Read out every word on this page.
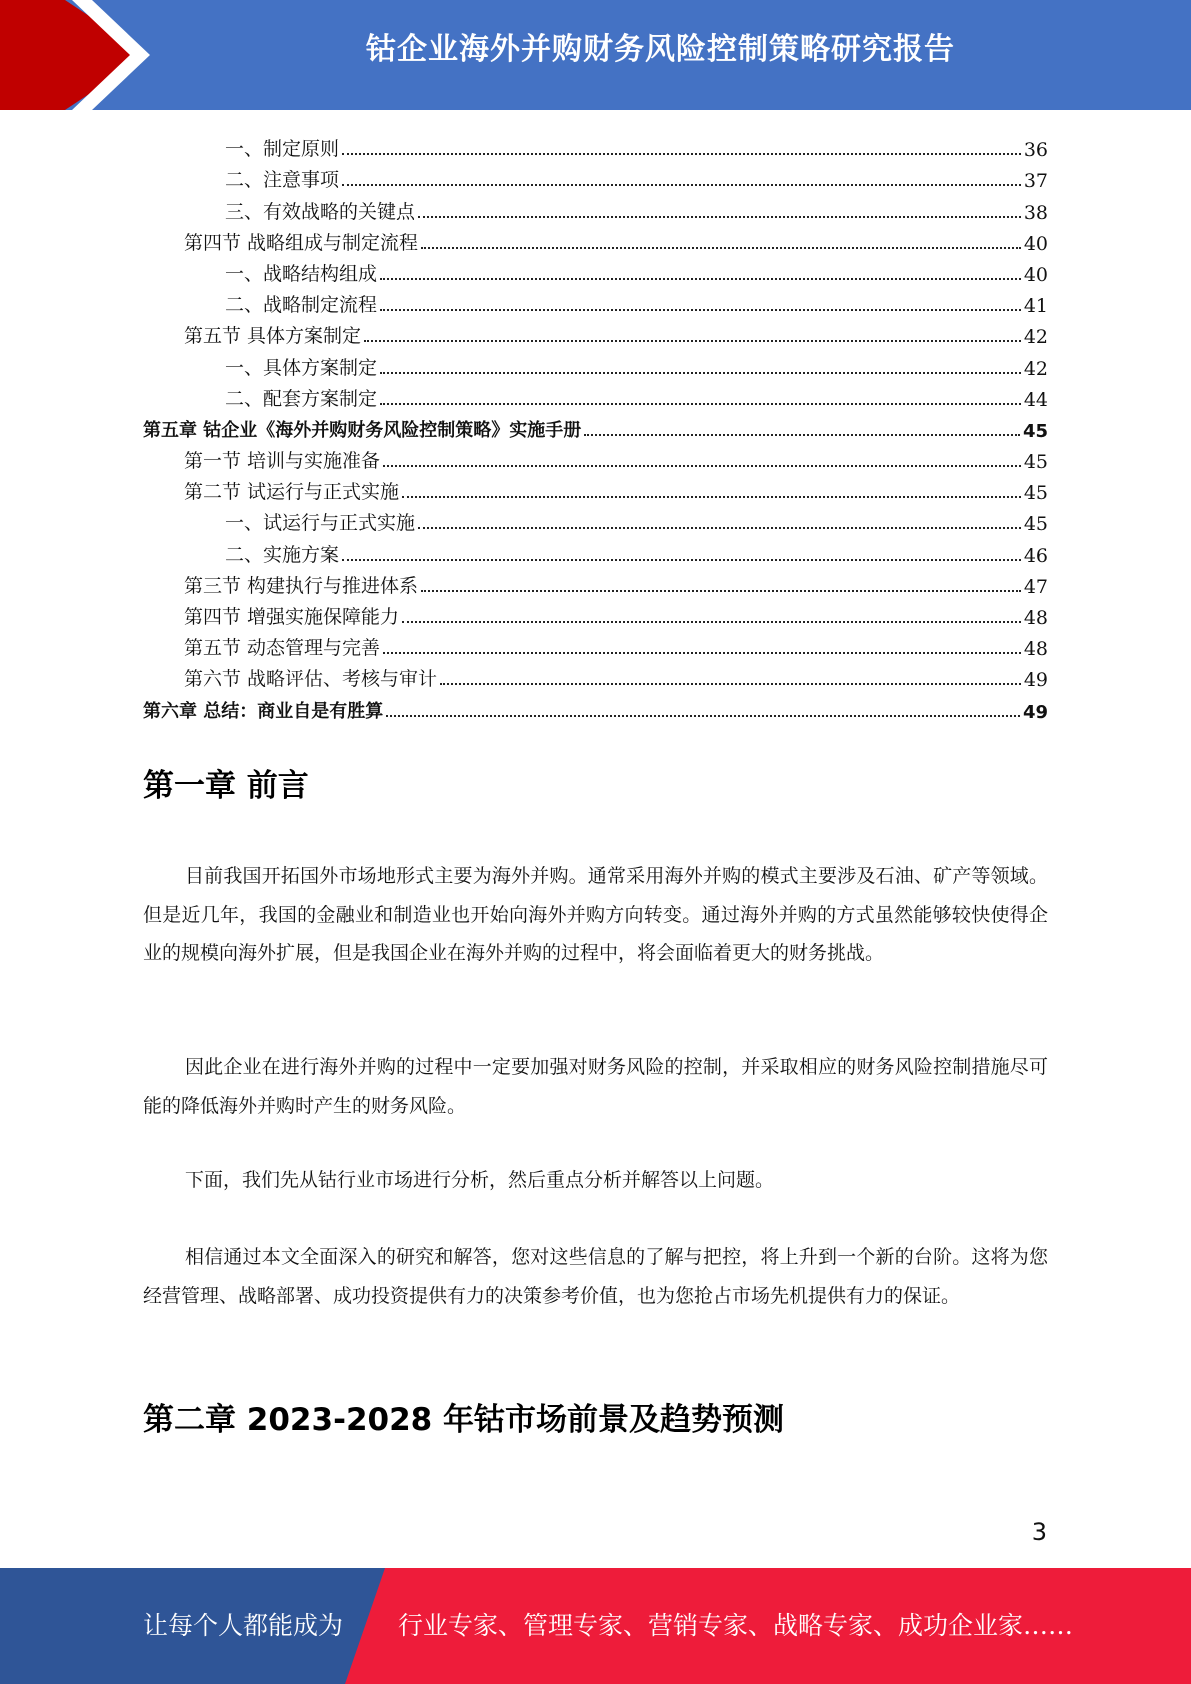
钴企业海外并购财务风险控制策略研究报告
一、制定原则	36
二、注意事项	37
三、有效战略的关键点	38
第四节 战略组成与制定流程	40
一、战略结构组成	40
二、战略制定流程	41
第五节 具体方案制定	42
一、具体方案制定	42
二、配套方案制定	44
第五章 钴企业《海外并购财务风险控制策略》实施手册	45
第一节 培训与实施准备	45
第二节 试运行与正式实施	45
一、试运行与正式实施	45
二、实施方案	46
第三节 构建执行与推进体系	47
第四节 增强实施保障能力	48
第五节 动态管理与完善	48
第六节 战略评估、考核与审计	49
第六章 总结：商业自是有胜算	49
第一章 前言
目前我国开拓国外市场地形式主要为海外并购。通常采用海外并购的模式主要涉及石油、矿产等领域。但是近几年，我国的金融业和制造业也开始向海外并购方向转变。通过海外并购的方式虽然能够较快使得企业的规模向海外扩展，但是我国企业在海外并购的过程中，将会面临着更大的财务挑战。
因此企业在进行海外并购的过程中一定要加强对财务风险的控制，并采取相应的财务风险控制措施尽可能的降低海外并购时产生的财务风险。
下面，我们先从钴行业市场进行分析，然后重点分析并解答以上问题。
相信通过本文全面深入的研究和解答，您对这些信息的了解与把控，将上升到一个新的台阶。这将为您经营管理、战略部署、成功投资提供有力的决策参考价值，也为您抢占市场先机提供有力的保证。
第二章 2023-2028 年钴市场前景及趋势预测
3
让每个人都能成为 行业专家、管理专家、营销专家、战略专家、成功企业家……
